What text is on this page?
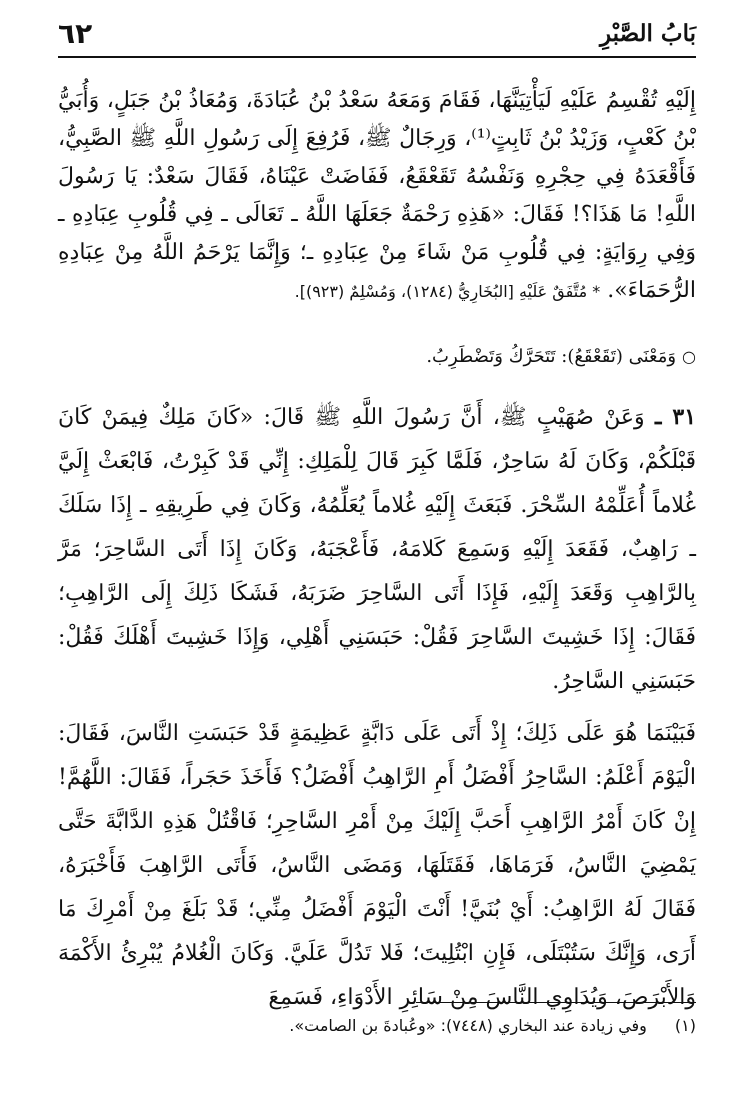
بَابُ الصَّبْرِ
٦٢
إِلَيْهِ تُقْسِمُ عَلَيْهِ لَيَأْتِيَنَّهَا، فَقَامَ وَمَعَهُ سَعْدُ بْنُ عُبَادَةَ، وَمُعَاذُ بْنُ جَبَلٍ، وَأُبَيُّ بْنُ كَعْبٍ، وَزَيْدُ بْنُ ثَابِتٍ⁽¹⁾، وَرِجَالٌ ﷺ، فَرُفِعَ إِلَى رَسُولِ اللَّهِ ﷺ الصَّبِيُّ، فَأَقْعَدَهُ فِي حِجْرِهِ وَنَفْسُهُ تَقَعْقَعُ، فَفَاضَتْ عَيْنَاهُ، فَقَالَ سَعْدٌ: يَا رَسُولَ اللَّهِ! مَا هَذَا؟! فَقَالَ: «هَذِهِ رَحْمَةٌ جَعَلَهَا اللَّهُ ـ تَعَالَى ـ فِي قُلُوبِ عِبَادِهِ ـ وَفِي رِوَايَةٍ: فِي قُلُوبِ مَنْ شَاءَ مِنْ عِبَادِهِ ـ؛ وَإِنَّمَا يَرْحَمُ اللَّهُ مِنْ عِبَادِهِ الرُّحَمَاءَ». * مُتَّفَقٌ عَلَيْهِ [البُخَارِيُّ (١٢٨٤)، وَمُسْلِمٌ (٩٢٣)].
○وَمَعْنَى (تَقَعْقَعُ): تَتَحَرَّكُ وَتَضْطَرِبُ.
٣١ ـ وَعَنْ صُهَيْبٍ ﷺ، أَنَّ رَسُولَ اللَّهِ ﷺ قَالَ: «كَانَ مَلِكٌ فِيمَنْ كَانَ قَبْلَكُمْ، وَكَانَ لَهُ سَاحِرٌ، فَلَمَّا كَبِرَ قَالَ لِلْمَلِكِ: إِنِّي قَدْ كَبِرْتُ، فَابْعَثْ إِلَيَّ غُلاماً أُعَلِّمْهُ السِّحْرَ. فَبَعَثَ إِلَيْهِ غُلاماً يُعَلِّمُهُ، وَكَانَ فِي طَرِيقِهِ ـ إِذَا سَلَكَ ـ رَاهِبٌ، فَقَعَدَ إِلَيْهِ وَسَمِعَ كَلامَهُ، فَأَعْجَبَهُ، وَكَانَ إِذَا أَتَى السَّاحِرَ؛ مَرَّ بِالرَّاهِبِ وَقَعَدَ إِلَيْهِ، فَإِذَا أَتَى السَّاحِرَ ضَرَبَهُ، فَشَكَا ذَلِكَ إِلَى الرَّاهِبِ؛ فَقَالَ: إِذَا خَشِيتَ السَّاحِرَ فَقُلْ: حَبَسَنِي أَهْلِي، وَإِذَا خَشِيتَ أَهْلَكَ فَقُلْ: حَبَسَنِي السَّاحِرُ.
فَبَيْنَمَا هُوَ عَلَى ذَلِكَ؛ إِذْ أَتَى عَلَى دَابَّةٍ عَظِيمَةٍ قَدْ حَبَسَتِ النَّاسَ، فَقَالَ: الْيَوْمَ أَعْلَمُ: السَّاحِرُ أَفْضَلُ أَمِ الرَّاهِبُ أَفْضَلُ؟ فَأَخَذَ حَجَراً، فَقَالَ: اللَّهُمَّ! إِنْ كَانَ أَمْرُ الرَّاهِبِ أَحَبَّ إِلَيْكَ مِنْ أَمْرِ السَّاحِرِ؛ فَاقْتُلْ هَذِهِ الدَّابَّةَ حَتَّى يَمْضِيَ النَّاسُ، فَرَمَاهَا، فَقَتَلَهَا، وَمَضَى النَّاسُ، فَأَتَى الرَّاهِبَ فَأَخْبَرَهُ، فَقَالَ لَهُ الرَّاهِبُ: أَيْ بُنَيَّ! أَنْتَ الْيَوْمَ أَفْضَلُ مِنِّي؛ قَدْ بَلَغَ مِنْ أَمْرِكَ مَا أَرَى، وَإِنَّكَ سَتُبْتَلَى، فَإِنِ ابْتُلِيتَ؛ فَلا تَدُلَّ عَلَيَّ. وَكَانَ الْغُلامُ يُبْرِئُ الأَكْمَهَ وَالأَبْرَصَ، وَيُدَاوِي النَّاسَ مِنْ سَائِرِ الأَدْوَاءِ، فَسَمِعَ
(١)وفي زيادة عند البخاري (٧٤٤٨): «وعُبادةَ بن الصامت».
